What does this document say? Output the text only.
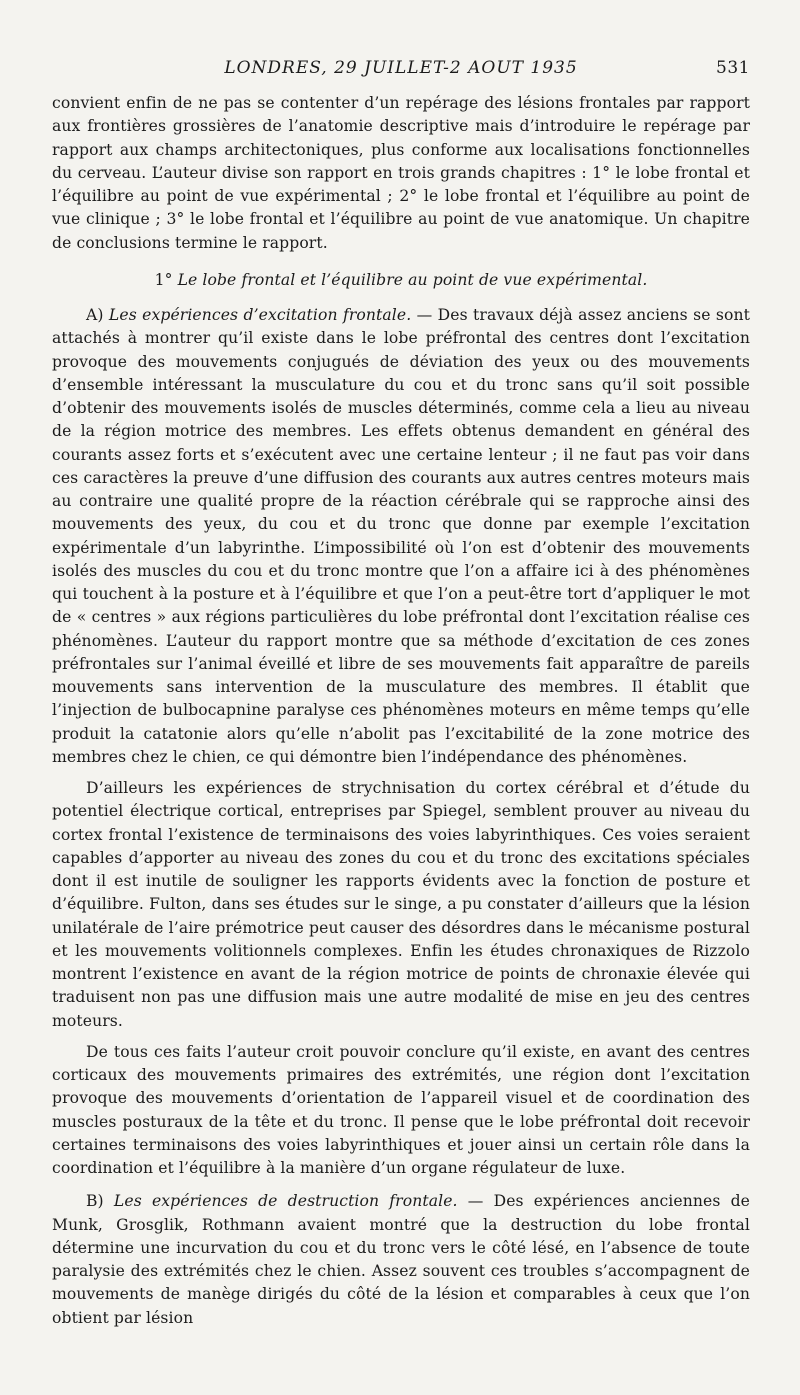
LONDRES, 29 JUILLET-2 AOUT 1935	531

convient enfin de ne pas se contenter d’un repérage des lésions frontales par rapport aux frontières grossières de l’anatomie descriptive mais d’introduire le repérage par rapport aux champs architectoniques, plus conforme aux localisations fonctionnelles du cerveau. L’auteur divise son rapport en trois grands chapitres : 1° le lobe frontal et l’équilibre au point de vue expérimental ; 2° le lobe frontal et l’équilibre au point de vue clinique ; 3° le lobe frontal et l’équilibre au point de vue anatomique. Un chapitre de conclusions termine le rapport.

1° Le lobe frontal et l’équilibre au point de vue expérimental.

A) Les expériences d’excitation frontale. — Des travaux déjà assez anciens se sont attachés à montrer qu’il existe dans le lobe préfrontal des centres dont l’excitation provoque des mouvements conjugués de déviation des yeux ou des mouvements d’ensemble intéressant la musculature du cou et du tronc sans qu’il soit possible d’obtenir des mouvements isolés de muscles déterminés, comme cela a lieu au niveau de la région motrice des membres. Les effets obtenus demandent en général des courants assez forts et s’exécutent avec une certaine lenteur ; il ne faut pas voir dans ces caractères la preuve d’une diffusion des courants aux autres centres moteurs mais au contraire une qualité propre de la réaction cérébrale qui se rapproche ainsi des mouvements des yeux, du cou et du tronc que donne par exemple l’excitation expérimentale d’un labyrinthe. L’impossibilité où l’on est d’obtenir des mouvements isolés des muscles du cou et du tronc montre que l’on a affaire ici à des phénomènes qui touchent à la posture et à l’équilibre et que l’on a peut-être tort d’appliquer le mot de « centres » aux régions particulières du lobe préfrontal dont l’excitation réalise ces phénomènes. L’auteur du rapport montre que sa méthode d’excitation de ces zones préfrontales sur l’animal éveillé et libre de ses mouvements fait apparaître de pareils mouvements sans intervention de la musculature des membres. Il établit que l’injection de bulbocapnine paralyse ces phénomènes moteurs en même temps qu’elle produit la catatonie alors qu’elle n’abolit pas l’excitabilité de la zone motrice des membres chez le chien, ce qui démontre bien l’indépendance des phénomènes.

D’ailleurs les expériences de strychnisation du cortex cérébral et d’étude du potentiel électrique cortical, entreprises par Spiegel, semblent prouver au niveau du cortex frontal l’existence de terminaisons des voies labyrinthiques. Ces voies seraient capables d’apporter au niveau des zones du cou et du tronc des excitations spéciales dont il est inutile de souligner les rapports évidents avec la fonction de posture et d’équilibre. Fulton, dans ses études sur le singe, a pu constater d’ailleurs que la lésion unilatérale de l’aire prémotrice peut causer des désordres dans le mécanisme postural et les mouvements volitionnels complexes. Enfin les études chronaxiques de Rizzolo montrent l’existence en avant de la région motrice de points de chronaxie élevée qui traduisent non pas une diffusion mais une autre modalité de mise en jeu des centres moteurs.

De tous ces faits l’auteur croit pouvoir conclure qu’il existe, en avant des centres corticaux des mouvements primaires des extrémités, une région dont l’excitation provoque des mouvements d’orientation de l’appareil visuel et de coordination des muscles posturaux de la tête et du tronc. Il pense que le lobe préfrontal doit recevoir certaines terminaisons des voies labyrinthiques et jouer ainsi un certain rôle dans la coordination et l’équilibre à la manière d’un organe régulateur de luxe.

B) Les expériences de destruction frontale. — Des expériences anciennes de Munk, Grosglik, Rothmann avaient montré que la destruction du lobe frontal détermine une incurvation du cou et du tronc vers le côté lésé, en l’absence de toute paralysie des extrémités chez le chien. Assez souvent ces troubles s’accompagnent de mouvements de manège dirigés du côté de la lésion et comparables à ceux que l’on obtient par lésion
